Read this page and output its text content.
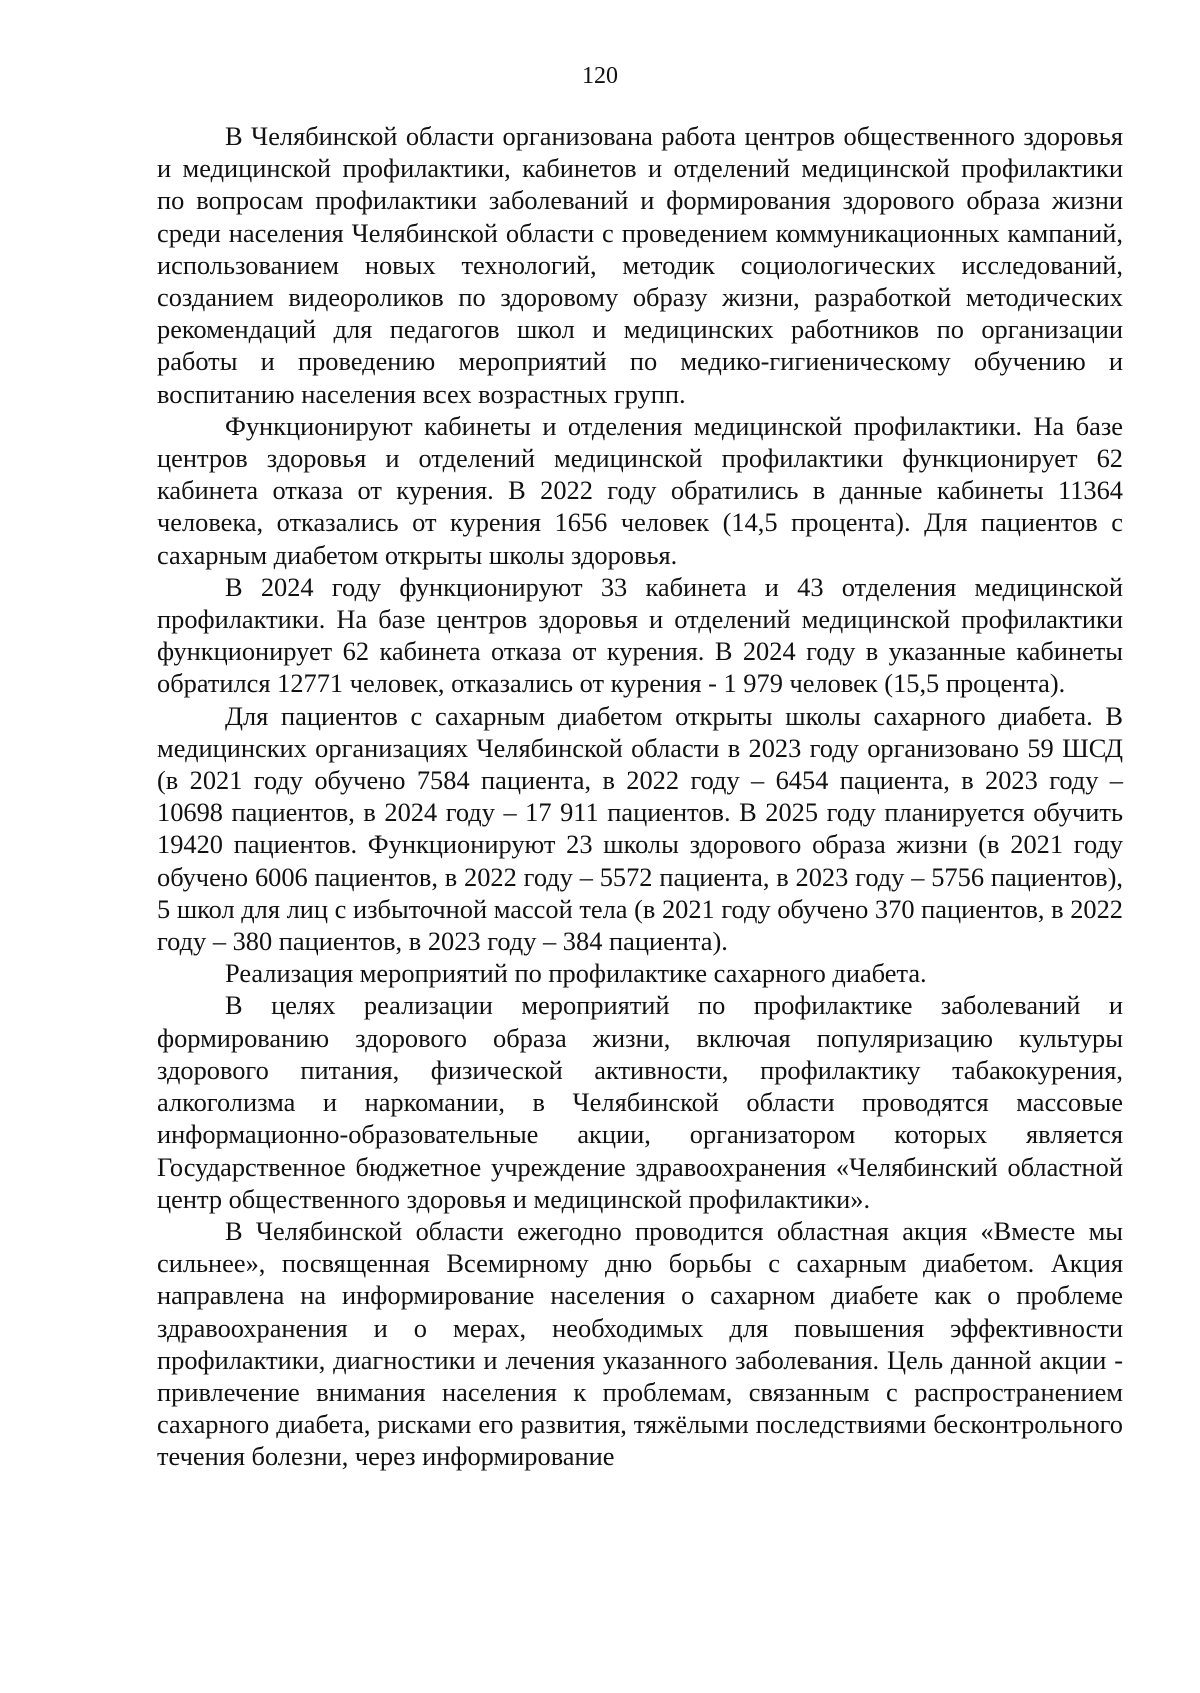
120

В Челябинской области организована работа центров общественного здоровья и медицинской профилактики, кабинетов и отделений медицинской профилактики по вопросам профилактики заболеваний и формирования здорового образа жизни среди населения Челябинской области с проведением коммуникационных кампаний, использованием новых технологий, методик социологических исследований, созданием видеороликов по здоровому образу жизни, разработкой методических рекомендаций для педагогов школ и медицинских работников по организации работы и проведению мероприятий по медико-гигиеническому обучению и воспитанию населения всех возрастных групп.

Функционируют кабинеты и отделения медицинской профилактики. На базе центров здоровья и отделений медицинской профилактики функционирует 62 кабинета отказа от курения. В 2022 году обратились в данные кабинеты 11364 человека, отказались от курения 1656 человек (14,5 процента). Для пациентов с сахарным диабетом открыты школы здоровья.

В 2024 году функционируют 33 кабинета и 43 отделения медицинской профилактики. На базе центров здоровья и отделений медицинской профилактики функционирует 62 кабинета отказа от курения. В 2024 году в указанные кабинеты обратился 12771 человек, отказались от курения - 1 979 человек (15,5 процента).

Для пациентов с сахарным диабетом открыты школы сахарного диабета. В медицинских организациях Челябинской области в 2023 году организовано 59 ШСД (в 2021 году обучено 7584 пациента, в 2022 году – 6454 пациента, в 2023 году – 10698 пациентов, в 2024 году – 17 911 пациентов. В 2025 году планируется обучить 19420 пациентов. Функционируют 23 школы здорового образа жизни (в 2021 году обучено 6006 пациентов, в 2022 году – 5572 пациента, в 2023 году – 5756 пациентов), 5 школ для лиц с избыточной массой тела (в 2021 году обучено 370 пациентов, в 2022 году – 380 пациентов, в 2023 году – 384 пациента).

Реализация мероприятий по профилактике сахарного диабета.

В целях реализации мероприятий по профилактике заболеваний и формированию здорового образа жизни, включая популяризацию культуры здорового питания, физической активности, профилактику табакокурения, алкоголизма и наркомании, в Челябинской области проводятся массовые информационно-образовательные акции, организатором которых является Государственное бюджетное учреждение здравоохранения «Челябинский областной центр общественного здоровья и медицинской профилактики».

В Челябинской области ежегодно проводится областная акция «Вместе мы сильнее», посвященная Всемирному дню борьбы с сахарным диабетом. Акция направлена на информирование населения о сахарном диабете как о проблеме здравоохранения и о мерах, необходимых для повышения эффективности профилактики, диагностики и лечения указанного заболевания. Цель данной акции - привлечение внимания населения к проблемам, связанным с распространением сахарного диабета, рисками его развития, тяжёлыми последствиями бесконтрольного течения болезни, через информирование
